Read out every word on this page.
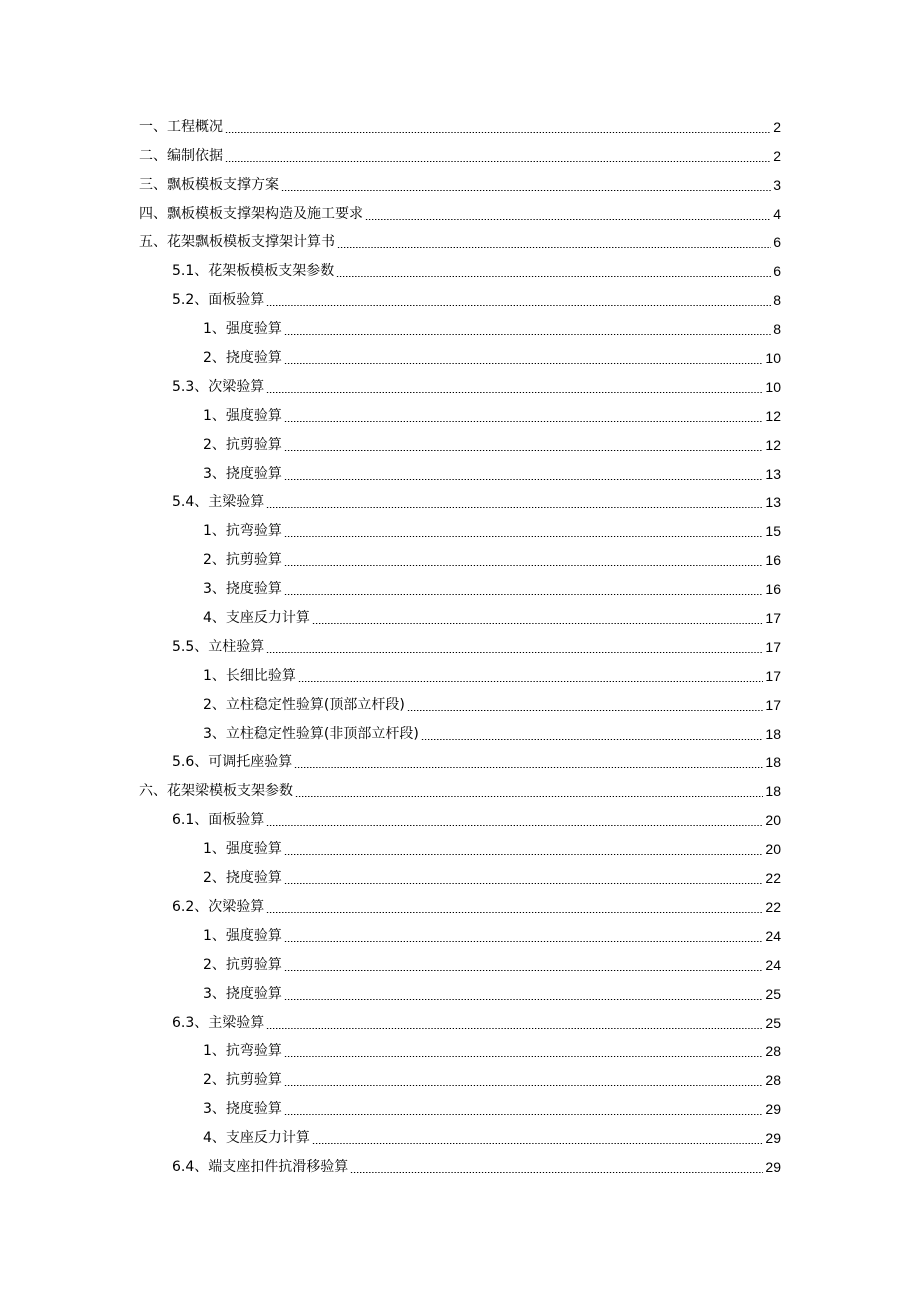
一、工程概况	2
二、编制依据	2
三、飘板模板支撑方案	3
四、飘板模板支撑架构造及施工要求	4
五、花架飘板模板支撑架计算书	6
5.1、花架板模板支架参数	6
5.2、面板验算	8
1、强度验算	8
2、挠度验算	10
5.3、次梁验算	10
1、强度验算	12
2、抗剪验算	12
3、挠度验算	13
5.4、主梁验算	13
1、抗弯验算	15
2、抗剪验算	16
3、挠度验算	16
4、支座反力计算	17
5.5、立柱验算	17
1、长细比验算	17
2、立柱稳定性验算(顶部立杆段)	17
3、立柱稳定性验算(非顶部立杆段)	18
5.6、可调托座验算	18
六、花架梁模板支架参数	18
6.1、面板验算	20
1、强度验算	20
2、挠度验算	22
6.2、次梁验算	22
1、强度验算	24
2、抗剪验算	24
3、挠度验算	25
6.3、主梁验算	25
1、抗弯验算	28
2、抗剪验算	28
3、挠度验算	29
4、支座反力计算	29
6.4、端支座扣件抗滑移验算	29
